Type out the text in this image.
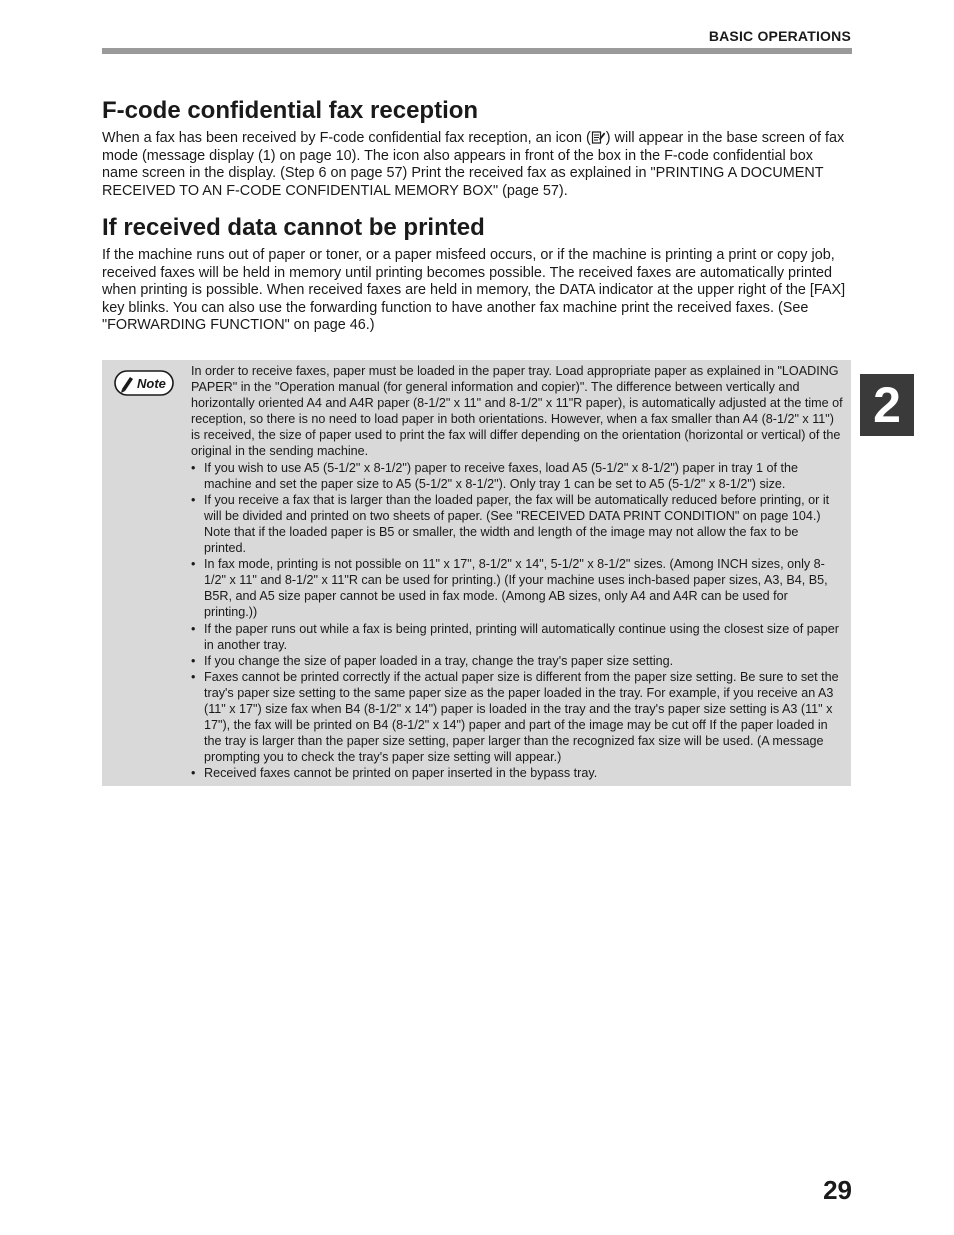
BASIC OPERATIONS
F-code confidential fax reception

When a fax has been received by F-code confidential fax reception, an icon ( ) will appear in the base screen of fax mode (message display (1) on page 10). The icon also appears in front of the box in the F-code confidential box name screen in the display. (Step 6 on page 57) Print the received fax as explained in "PRINTING A DOCUMENT RECEIVED TO AN F-CODE CONFIDENTIAL MEMORY BOX" (page 57).

If received data cannot be printed

If the machine runs out of paper or toner, or a paper misfeed occurs, or if the machine is printing a print or copy job, received faxes will be held in memory until printing becomes possible. The received faxes are automatically printed when printing is possible. When received faxes are held in memory, the DATA indicator at the upper right of the [FAX] key blinks. You can also use the forwarding function to have another fax machine print the received faxes. (See "FORWARDING FUNCTION" on page 46.)

Note

In order to receive faxes, paper must be loaded in the paper tray. Load appropriate paper as explained in "LOADING PAPER" in the "Operation manual (for general information and copier)". The difference between vertically and horizontally oriented A4 and A4R paper (8-1/2" x 11" and 8-1/2" x 11"R paper), is automatically adjusted at the time of reception, so there is no need to load paper in both orientations. However, when a fax smaller than A4 (8-1/2" x 11") is received, the size of paper used to print the fax will differ depending on the orientation (horizontal or vertical) of the original in the sending machine.

• If you wish to use A5 (5-1/2" x 8-1/2") paper to receive faxes, load A5 (5-1/2" x 8-1/2") paper in tray 1 of the machine and set the paper size to A5 (5-1/2" x 8-1/2"). Only tray 1 can be set to A5 (5-1/2" x 8-1/2") size.
• If you receive a fax that is larger than the loaded paper, the fax will be automatically reduced before printing, or it will be divided and printed on two sheets of paper. (See "RECEIVED DATA PRINT CONDITION" on page 104.) Note that if the loaded paper is B5 or smaller, the width and length of the image may not allow the fax to be printed.
• In fax mode, printing is not possible on 11" x 17", 8-1/2" x 14", 5-1/2" x 8-1/2" sizes. (Among INCH sizes, only 8-1/2" x 11" and 8-1/2" x 11"R can be used for printing.) (If your machine uses inch-based paper sizes, A3, B4, B5, B5R, and A5 size paper cannot be used in fax mode. (Among AB sizes, only A4 and A4R can be used for printing.))
• If the paper runs out while a fax is being printed, printing will automatically continue using the closest size of paper in another tray.
• If you change the size of paper loaded in a tray, change the tray's paper size setting.
• Faxes cannot be printed correctly if the actual paper size is different from the paper size setting. Be sure to set the tray's paper size setting to the same paper size as the paper loaded in the tray. For example, if you receive an A3 (11" x 17") size fax when B4 (8-1/2" x 14") paper is loaded in the tray and the tray's paper size setting is A3 (11" x 17"), the fax will be printed on B4 (8-1/2" x 14") paper and part of the image may be cut off If the paper loaded in the tray is larger than the paper size setting, paper larger than the recognized fax size will be used. (A message prompting you to check the tray's paper size setting will appear.)
• Received faxes cannot be printed on paper inserted in the bypass tray.
2
29
